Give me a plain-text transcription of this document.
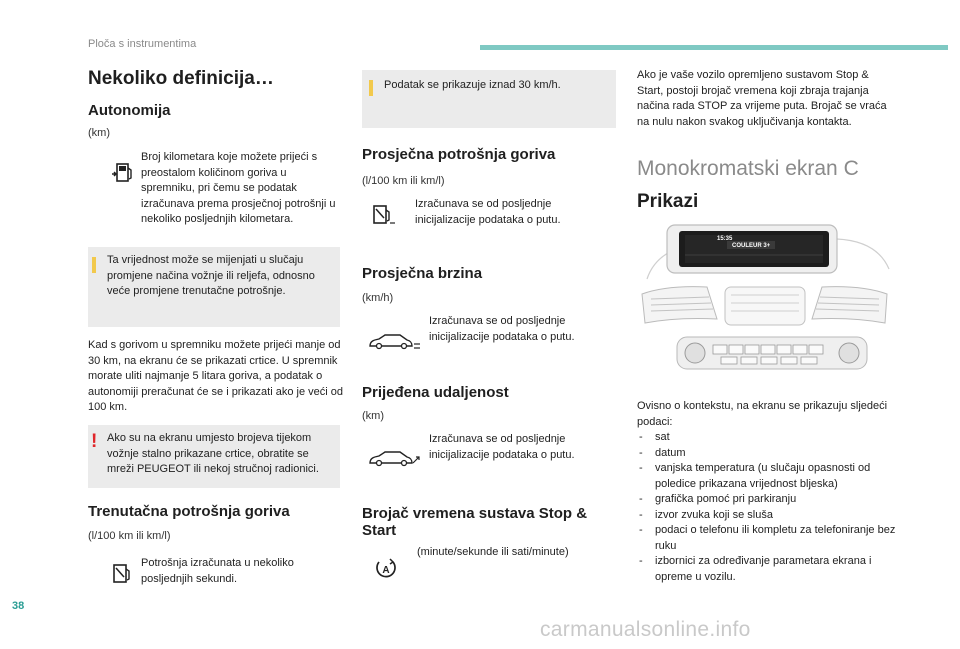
Ploča s instrumentima
Nekoliko definicija…
Autonomija
(km)
Broj kilometara koje možete prijeći s preostalom količinom goriva u spremniku, pri čemu se podatak izračunava prema prosječnoj potrošnji u nekoliko posljednjih kilometara.
Ta vrijednost može se mijenjati u slučaju promjene načina vožnje ili reljefa, odnosno veće promjene trenutačne potrošnje.
Kad s gorivom u spremniku možete prijeći manje od 30 km, na ekranu će se prikazati crtice. U spremnik morate uliti najmanje 5 litara goriva, a podatak o autonomiji preračunat će se i prikazati ako je veći od 100 km.
! Ako su na ekranu umjesto brojeva tijekom vožnje stalno prikazane crtice, obratite se mreži PEUGEOT ili nekoj stručnoj radionici.
Trenutačna potrošnja goriva
(l/100 km ili km/l)
Potrošnja izračunata u nekoliko posljednjih sekundi.
Podatak se prikazuje iznad 30 km/h.
Prosječna potrošnja goriva
(l/100 km ili km/l)
Izračunava se od posljednje inicijalizacije podataka o putu.
Prosječna brzina
(km/h)
Izračunava se od posljednje inicijalizacije podataka o putu.
Prijeđena udaljenost
(km)
Izračunava se od posljednje inicijalizacije podataka o putu.
Brojač vremena sustava Stop & Start
A
(minute/sekunde ili sati/minute)
Ako je vaše vozilo opremljeno sustavom Stop & Start, postoji brojač vremena koji zbraja trajanja načina rada STOP za vrijeme puta. Brojač se vraća na nulu nakon svakog uključivanja kontakta.
Monokromatski ekran C
Prikazi
15:35
COULEUR 3+
Ovisno o kontekstu, na ekranu se prikazuju sljedeći podaci:
- sat
- datum
- vanjska temperatura (u slučaju opasnosti od poledice prikazana vrijednost bljeska)
- grafička pomoć pri parkiranju
- izvor zvuka koji se sluša
- podaci o telefonu ili kompletu za telefoniranje bez ruku
- izbornici za određivanje parametara ekrana i opreme u vozilu.
38
carmanualsonline.info
